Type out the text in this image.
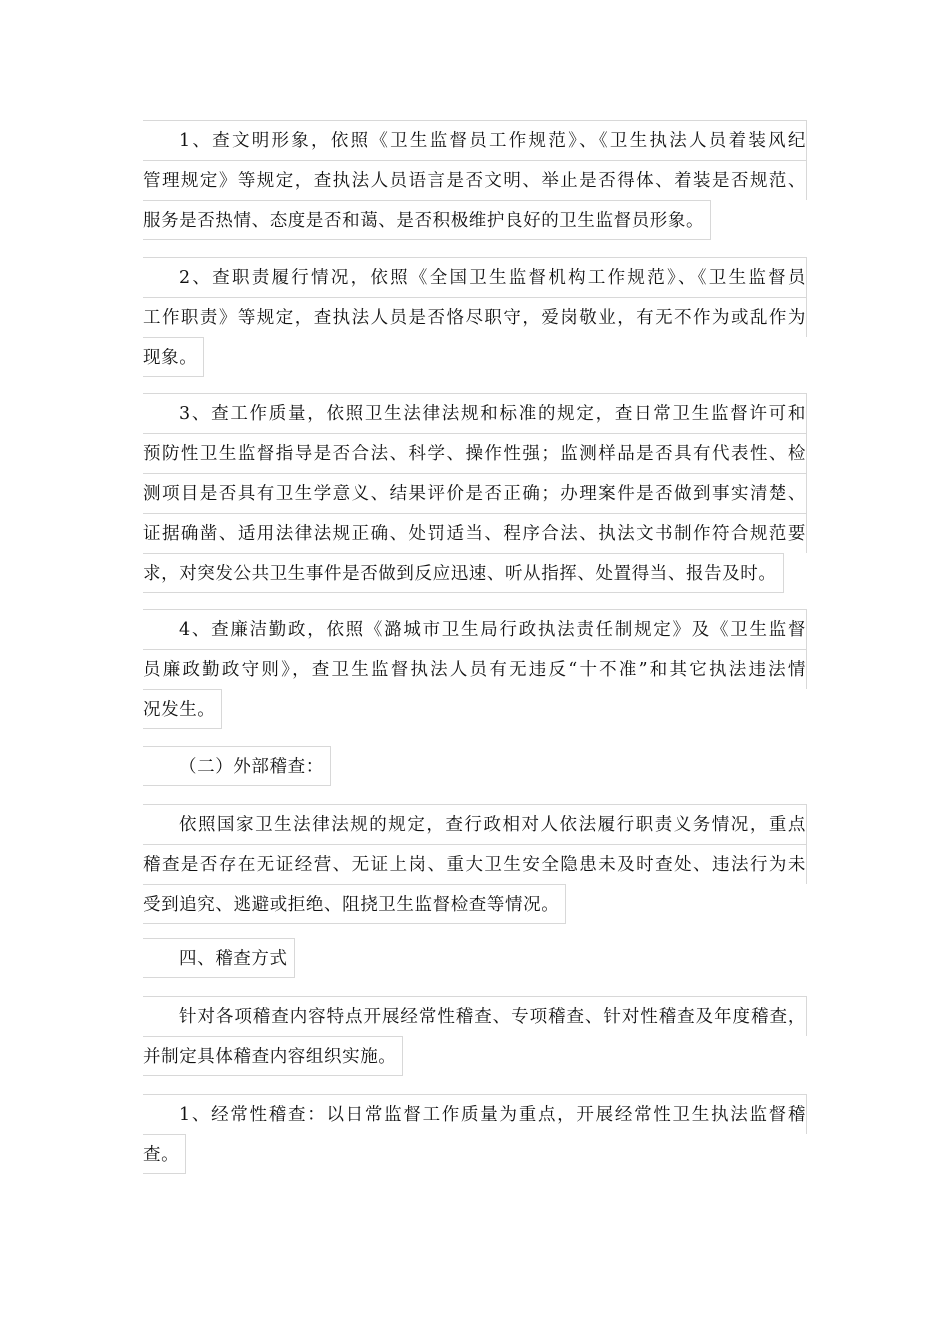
1、查文明形象，依照《卫生监督员工作规范》、《卫生执法人员着装风纪
管理规定》等规定，查执法人员语言是否文明、举止是否得体、着装是否规范、
服务是否热情、态度是否和蔼、是否积极维护良好的卫生监督员形象。
2、查职责履行情况，依照《全国卫生监督机构工作规范》、《卫生监督员
工作职责》等规定，查执法人员是否恪尽职守，爱岗敬业，有无不作为或乱作为
现象。
3、查工作质量，依照卫生法律法规和标准的规定，查日常卫生监督许可和
预防性卫生监督指导是否合法、科学、操作性强；监测样品是否具有代表性、检
测项目是否具有卫生学意义、结果评价是否正确；办理案件是否做到事实清楚、
证据确凿、适用法律法规正确、处罚适当、程序合法、执法文书制作符合规范要
求，对突发公共卫生事件是否做到反应迅速、听从指挥、处置得当、报告及时。
4、查廉洁勤政，依照《潞城市卫生局行政执法责任制规定》及《卫生监督
员廉政勤政守则》，查卫生监督执法人员有无违反“十不准”和其它执法违法情
况发生。
（二）外部稽查：
依照国家卫生法律法规的规定，查行政相对人依法履行职责义务情况，重点
稽查是否存在无证经营、无证上岗、重大卫生安全隐患未及时查处、违法行为未
受到追究、逃避或拒绝、阻挠卫生监督检查等情况。
四、稽查方式
针对各项稽查内容特点开展经常性稽查、专项稽查、针对性稽查及年度稽查，
并制定具体稽查内容组织实施。
1、经常性稽查：以日常监督工作质量为重点，开展经常性卫生执法监督稽
查。
